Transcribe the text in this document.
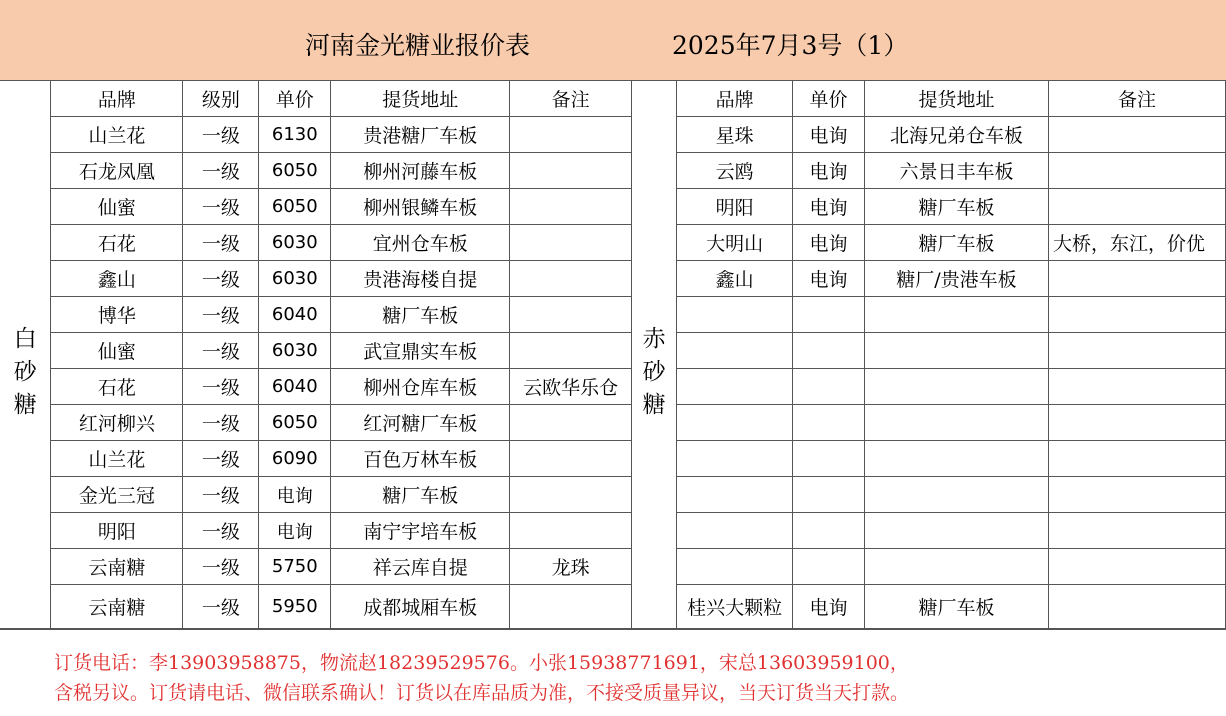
河南金光糖业报价表	2025年7月3号（1）
	品牌	级别	单价	提货地址	备注		品牌	单价	提货地址	备注

白砂糖	山兰花	一级	6130	贵港糖厂车板		赤砂糖	星珠	电询	北海兄弟仓车板	
	石龙凤凰	一级	6050	柳州河藤车板			云鸥	电询	六景日丰车板	
	仙蜜	一级	6050	柳州银鳞车板			明阳	电询	糖厂车板	
	石花	一级	6030	宜州仓车板			大明山	电询	糖厂车板	大桥，东江，价优
	鑫山	一级	6030	贵港海楼自提			鑫山	电询	糖厂/贵港车板	
	博华	一级	6040	糖厂车板						
	仙蜜	一级	6030	武宣鼎实车板						
	石花	一级	6040	柳州仓库车板	云欧华乐仓					
	红河柳兴	一级	6050	红河糖厂车板						
	山兰花	一级	6090	百色万林车板						
	金光三冠	一级	电询	糖厂车板						
	明阳	一级	电询	南宁宇培车板						
	云南糖	一级	5750	祥云库自提	龙珠					
	云南糖	一级	5950	成都城厢车板			桂兴大颗粒	电询	糖厂车板	
订货电话：李13903958875，物流赵18239529576。小张15938771691，宋总13603959100，
含税另议。订货请电话、微信联系确认！订货以在库品质为准，不接受质量异议，当天订货当天打款。
